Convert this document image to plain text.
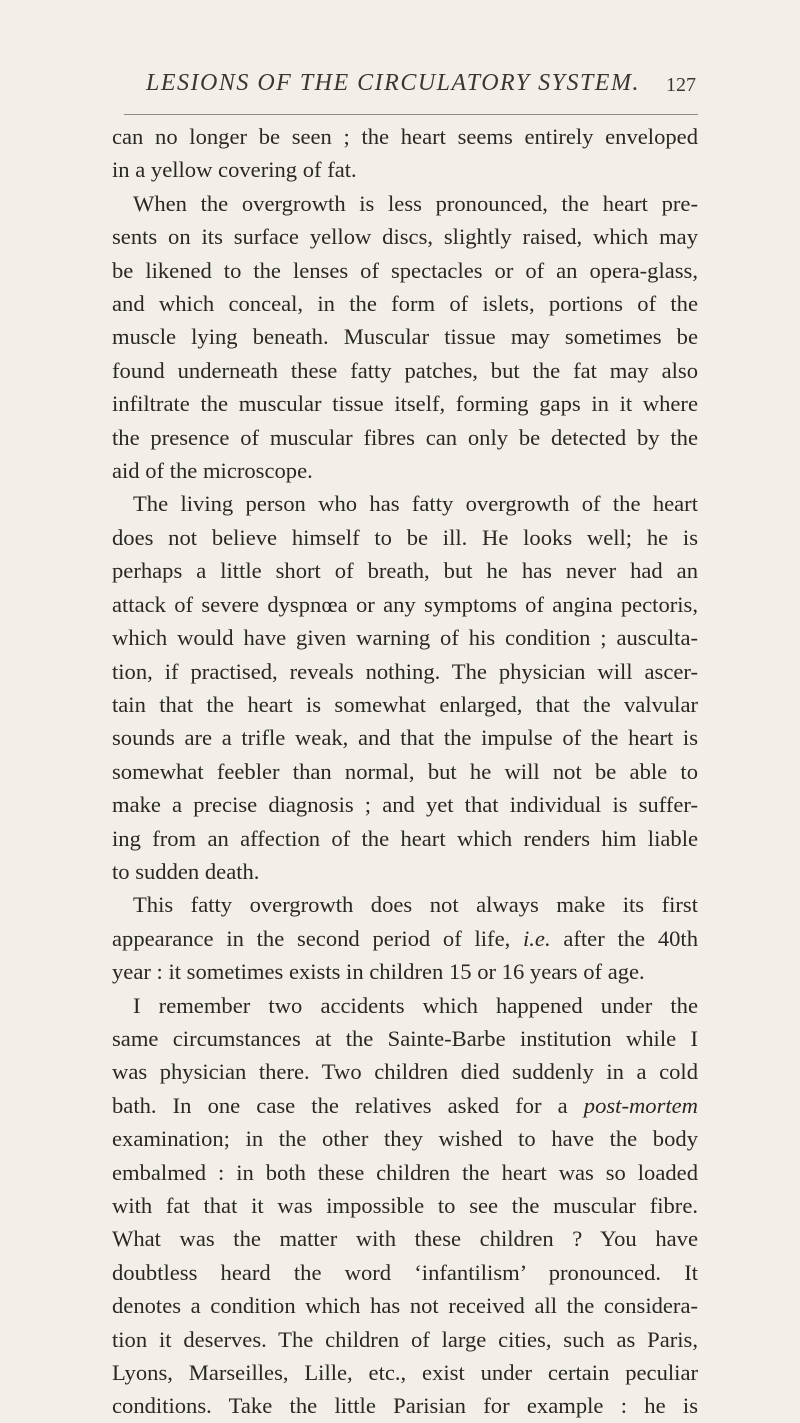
LESIONS OF THE CIRCULATORY SYSTEM. 127
can no longer be seen ; the heart seems entirely enveloped
in a yellow covering of fat.
When the overgrowth is less pronounced, the heart pre-
sents on its surface yellow discs, slightly raised, which may
be likened to the lenses of spectacles or of an opera-glass,
and which conceal, in the form of islets, portions of the
muscle lying beneath. Muscular tissue may sometimes be
found underneath these fatty patches, but the fat may also
infiltrate the muscular tissue itself, forming gaps in it where
the presence of muscular fibres can only be detected by the
aid of the microscope.
The living person who has fatty overgrowth of the heart
does not believe himself to be ill. He looks well; he is
perhaps a little short of breath, but he has never had an
attack of severe dyspnœa or any symptoms of angina pectoris,
which would have given warning of his condition ; ausculta-
tion, if practised, reveals nothing. The physician will ascer-
tain that the heart is somewhat enlarged, that the valvular
sounds are a trifle weak, and that the impulse of the heart is
somewhat feebler than normal, but he will not be able to
make a precise diagnosis ; and yet that individual is suffer-
ing from an affection of the heart which renders him liable
to sudden death.
This fatty overgrowth does not always make its first
appearance in the second period of life, i.e. after the 40th
year : it sometimes exists in children 15 or 16 years of age.
I remember two accidents which happened under the
same circumstances at the Sainte-Barbe institution while I
was physician there. Two children died suddenly in a cold
bath. In one case the relatives asked for a post-mortem
examination; in the other they wished to have the body
embalmed : in both these children the heart was so loaded
with fat that it was impossible to see the muscular fibre.
What was the matter with these children ? You have
doubtless heard the word ‘infantilism’ pronounced. It
denotes a condition which has not received all the considera-
tion it deserves. The children of large cities, such as Paris,
Lyons, Marseilles, Lille, etc., exist under certain peculiar
conditions. Take the little Parisian for example : he is
